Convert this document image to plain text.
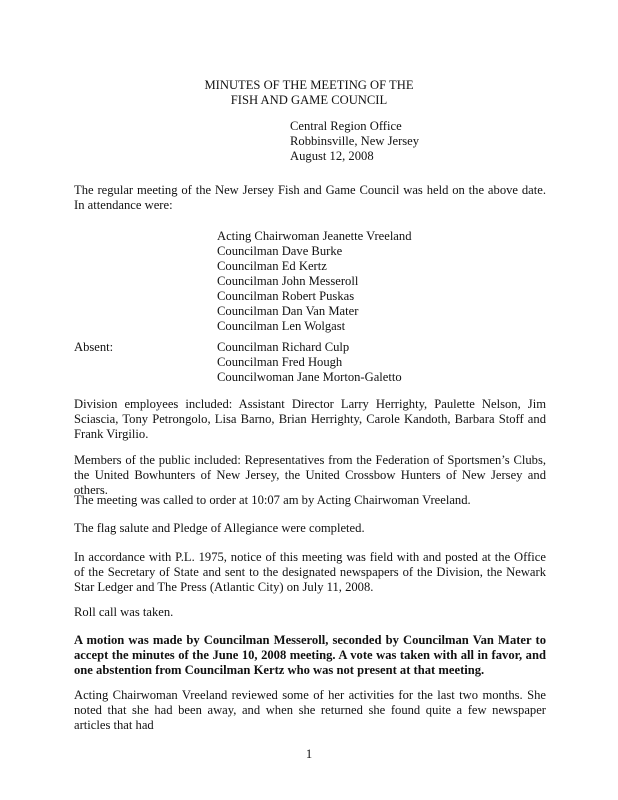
MINUTES OF THE MEETING OF THE
FISH AND GAME COUNCIL
Central Region Office
Robbinsville, New Jersey
August 12, 2008
The regular meeting of the New Jersey Fish and Game Council was held on the above date. In attendance were:
Acting Chairwoman Jeanette Vreeland
Councilman Dave Burke
Councilman Ed Kertz
Councilman John Messeroll
Councilman Robert Puskas
Councilman Dan Van Mater
Councilman Len Wolgast
Absent:	Councilman Richard Culp
Councilman Fred Hough
Councilwoman Jane Morton-Galetto
Division employees included: Assistant Director Larry Herrighty, Paulette Nelson, Jim Sciascia, Tony Petrongolo, Lisa Barno, Brian Herrighty, Carole Kandoth, Barbara Stoff and Frank Virgilio.
Members of the public included: Representatives from the Federation of Sportsmen’s Clubs, the United Bowhunters of New Jersey, the United Crossbow Hunters of New Jersey and others.
The meeting was called to order at 10:07 am by Acting Chairwoman Vreeland.
The flag salute and Pledge of Allegiance were completed.
In accordance with P.L. 1975, notice of this meeting was field with and posted at the Office of the Secretary of State and sent to the designated newspapers of the Division, the Newark Star Ledger and The Press (Atlantic City) on July 11, 2008.
Roll call was taken.
A motion was made by Councilman Messeroll, seconded by Councilman Van Mater to accept the minutes of the June 10, 2008 meeting. A vote was taken with all in favor, and one abstention from Councilman Kertz who was not present at that meeting.
Acting Chairwoman Vreeland reviewed some of her activities for the last two months. She noted that she had been away, and when she returned she found quite a few newspaper articles that had
1
